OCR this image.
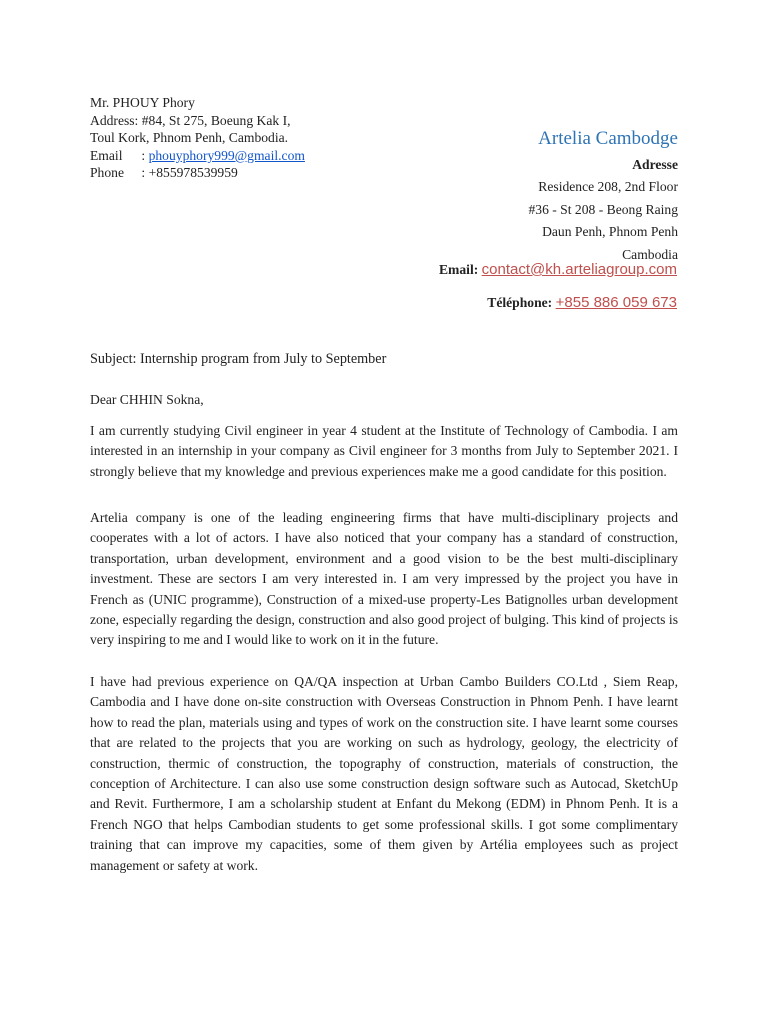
Mr. PHOUY Phory
Address: #84, St 275, Boeung Kak I,
Toul Kork, Phnom Penh, Cambodia.
Email : phouyphory999@gmail.com
Phone : +855978539959
Artelia Cambodge
Adresse
Residence 208, 2nd Floor
#36 - St 208 - Beong Raing
Daun Penh, Phnom Penh
Cambodia
Email: contact@kh.arteliagroup.com
Téléphone: +855 886 059 673
Subject: Internship program from July to September
Dear CHHIN Sokna,

I am currently studying Civil engineer in year 4 student at the Institute of Technology of Cambodia. I am interested in an internship in your company as Civil engineer for 3 months from July to September 2021. I strongly believe that my knowledge and previous experiences make me a good candidate for this position.

Artelia company is one of the leading engineering firms that have multi-disciplinary projects and cooperates with a lot of actors. I have also noticed that your company has a standard of construction, transportation, urban development, environment and a good vision to be the best multi-disciplinary investment. These are sectors I am very interested in. I am very impressed by the project you have in French as (UNIC programme), Construction of a mixed-use property-Les Batignolles urban development zone, especially regarding the design, construction and also good project of bulging. This kind of projects is very inspiring to me and I would like to work on it in the future.

I have had previous experience on QA/QA inspection at Urban Cambo Builders CO.Ltd , Siem Reap, Cambodia and I have done on-site construction with Overseas Construction in Phnom Penh. I have learnt how to read the plan, materials using and types of work on the construction site. I have learnt some courses that are related to the projects that you are working on such as hydrology, geology, the electricity of construction, thermic of construction, the topography of construction, materials of construction, the conception of Architecture. I can also use some construction design software such as Autocad, SketchUp and Revit. Furthermore, I am a scholarship student at Enfant du Mekong (EDM) in Phnom Penh. It is a French NGO that helps Cambodian students to get some professional skills. I got some complimentary training that can improve my capacities, some of them given by Artélia employees such as project management or safety at work.
